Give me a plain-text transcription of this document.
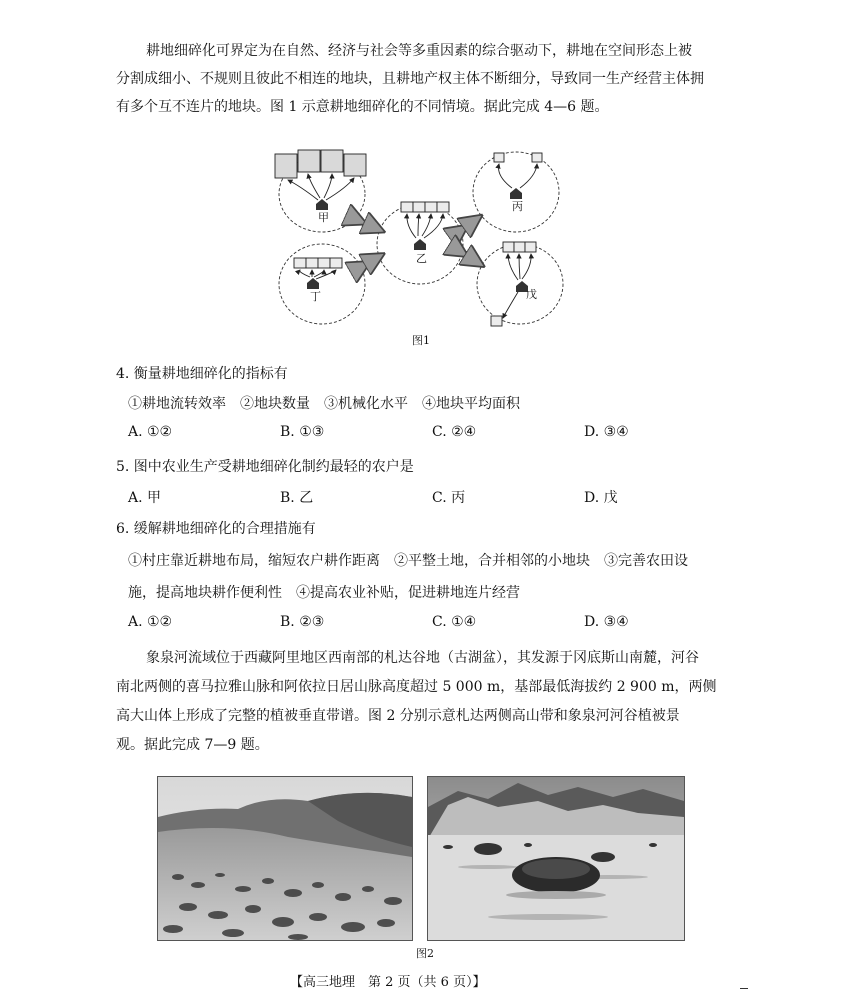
耕地细碎化可界定为在自然、经济与社会等多重因素的综合驱动下，耕地在空间形态上被

分割成细小、不规则且彼此不相连的地块，且耕地产权主体不断细分，导致同一生产经营主体拥

有多个互不连片的地块。图 1 示意耕地细碎化的不同情境。据此完成 4—6 题。

甲
乙
丙
丁	戊
图1

4. 衡量耕地细碎化的指标有

①耕地流转效率　②地块数量　③机械化水平　④地块平均面积

A. ①②	B. ①③	C. ②④	D. ③④

5. 图中农业生产受耕地细碎化制约最轻的农户是

A. 甲	B. 乙	C. 丙	D. 戊

6. 缓解耕地细碎化的合理措施有

①村庄靠近耕地布局，缩短农户耕作距离　②平整土地，合并相邻的小地块　③完善农田设

施，提高地块耕作便利性　④提高农业补贴，促进耕地连片经营

A. ①②	B. ②③	C. ①④	D. ③④

象泉河流域位于西藏阿里地区西南部的札达谷地（古湖盆），其发源于冈底斯山南麓，河谷

南北两侧的喜马拉雅山脉和阿依拉日居山脉高度超过 5 000 m，基部最低海拔约 2 900 m，两侧

高大山体上形成了完整的植被垂直带谱。图 2 分别示意札达两侧高山带和象泉河河谷植被景

观。据此完成 7—9 题。

图2
【高三地理　第 2 页（共 6 页）】
